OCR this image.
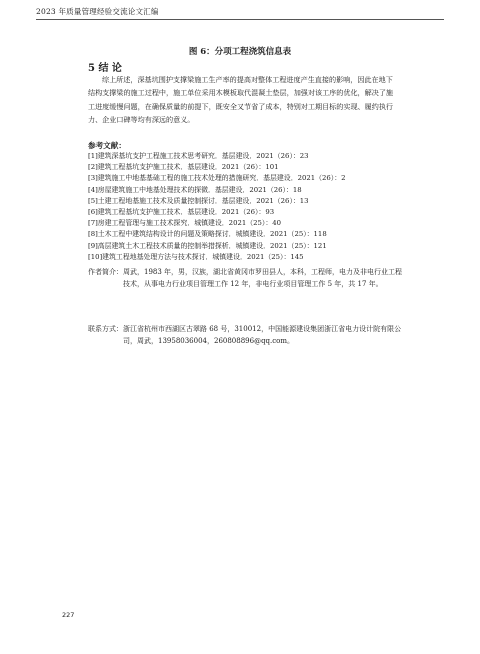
2023 年质量管理经验交流论文汇编
图 6：分项工程浇筑信息表
5 结 论

综上所述，深基坑围护支撑梁施工生产率的提高对整体工程进度产生直接的影响，因此在地下结构支撑梁的施工过程中，施工单位采用木模板取代混凝土垫层，加强对该工序的优化，解决了施工进度缓慢问题，在确保质量的前提下，既安全又节省了成本，特别对工期目标的实现、履约执行力、企业口碑等均有深远的意义。

参考文献：
[1]建筑深基坑支护工程施工技术思考研究．基层建设．2021（26）：23
[2]建筑工程基坑支护施工技术．基层建设．2021（26）：101
[3]建筑施工中地基基础工程的施工技术处理的措施研究．基层建设．2021（26）：2
[4]房屋建筑施工中地基处理技术的探微．基层建设．2021（26）：18
[5]土建工程地基施工技术及质量控制探讨．基层建设．2021（26）：13
[6]建筑工程基坑支护施工技术．基层建设．2021（26）：93
[7]房建工程管理与施工技术探究．城镇建设．2021（25）：40
[8]土木工程中建筑结构设计的问题及策略探讨．城镇建设．2021（25）：118
[9]高层建筑土木工程技术质量的控制举措探析．城镇建设．2021（25）：121
[10]建筑工程地基处理方法与技术探讨．城镇建设．2021（25）：145
作者简介： 周武，1983 年，男，汉族，湖北省黄冈市罗田县人，本科，工程师，电力及非电行业工程技术，从事电力行业项目管理工作 12 年，非电行业项目管理工作 5 年，共 17 年。
联系方式： 浙江省杭州市西湖区古翠路 68 号，310012，中国能源建设集团浙江省电力设计院有限公司，周武，13958036004，260808896@qq.com。
227
